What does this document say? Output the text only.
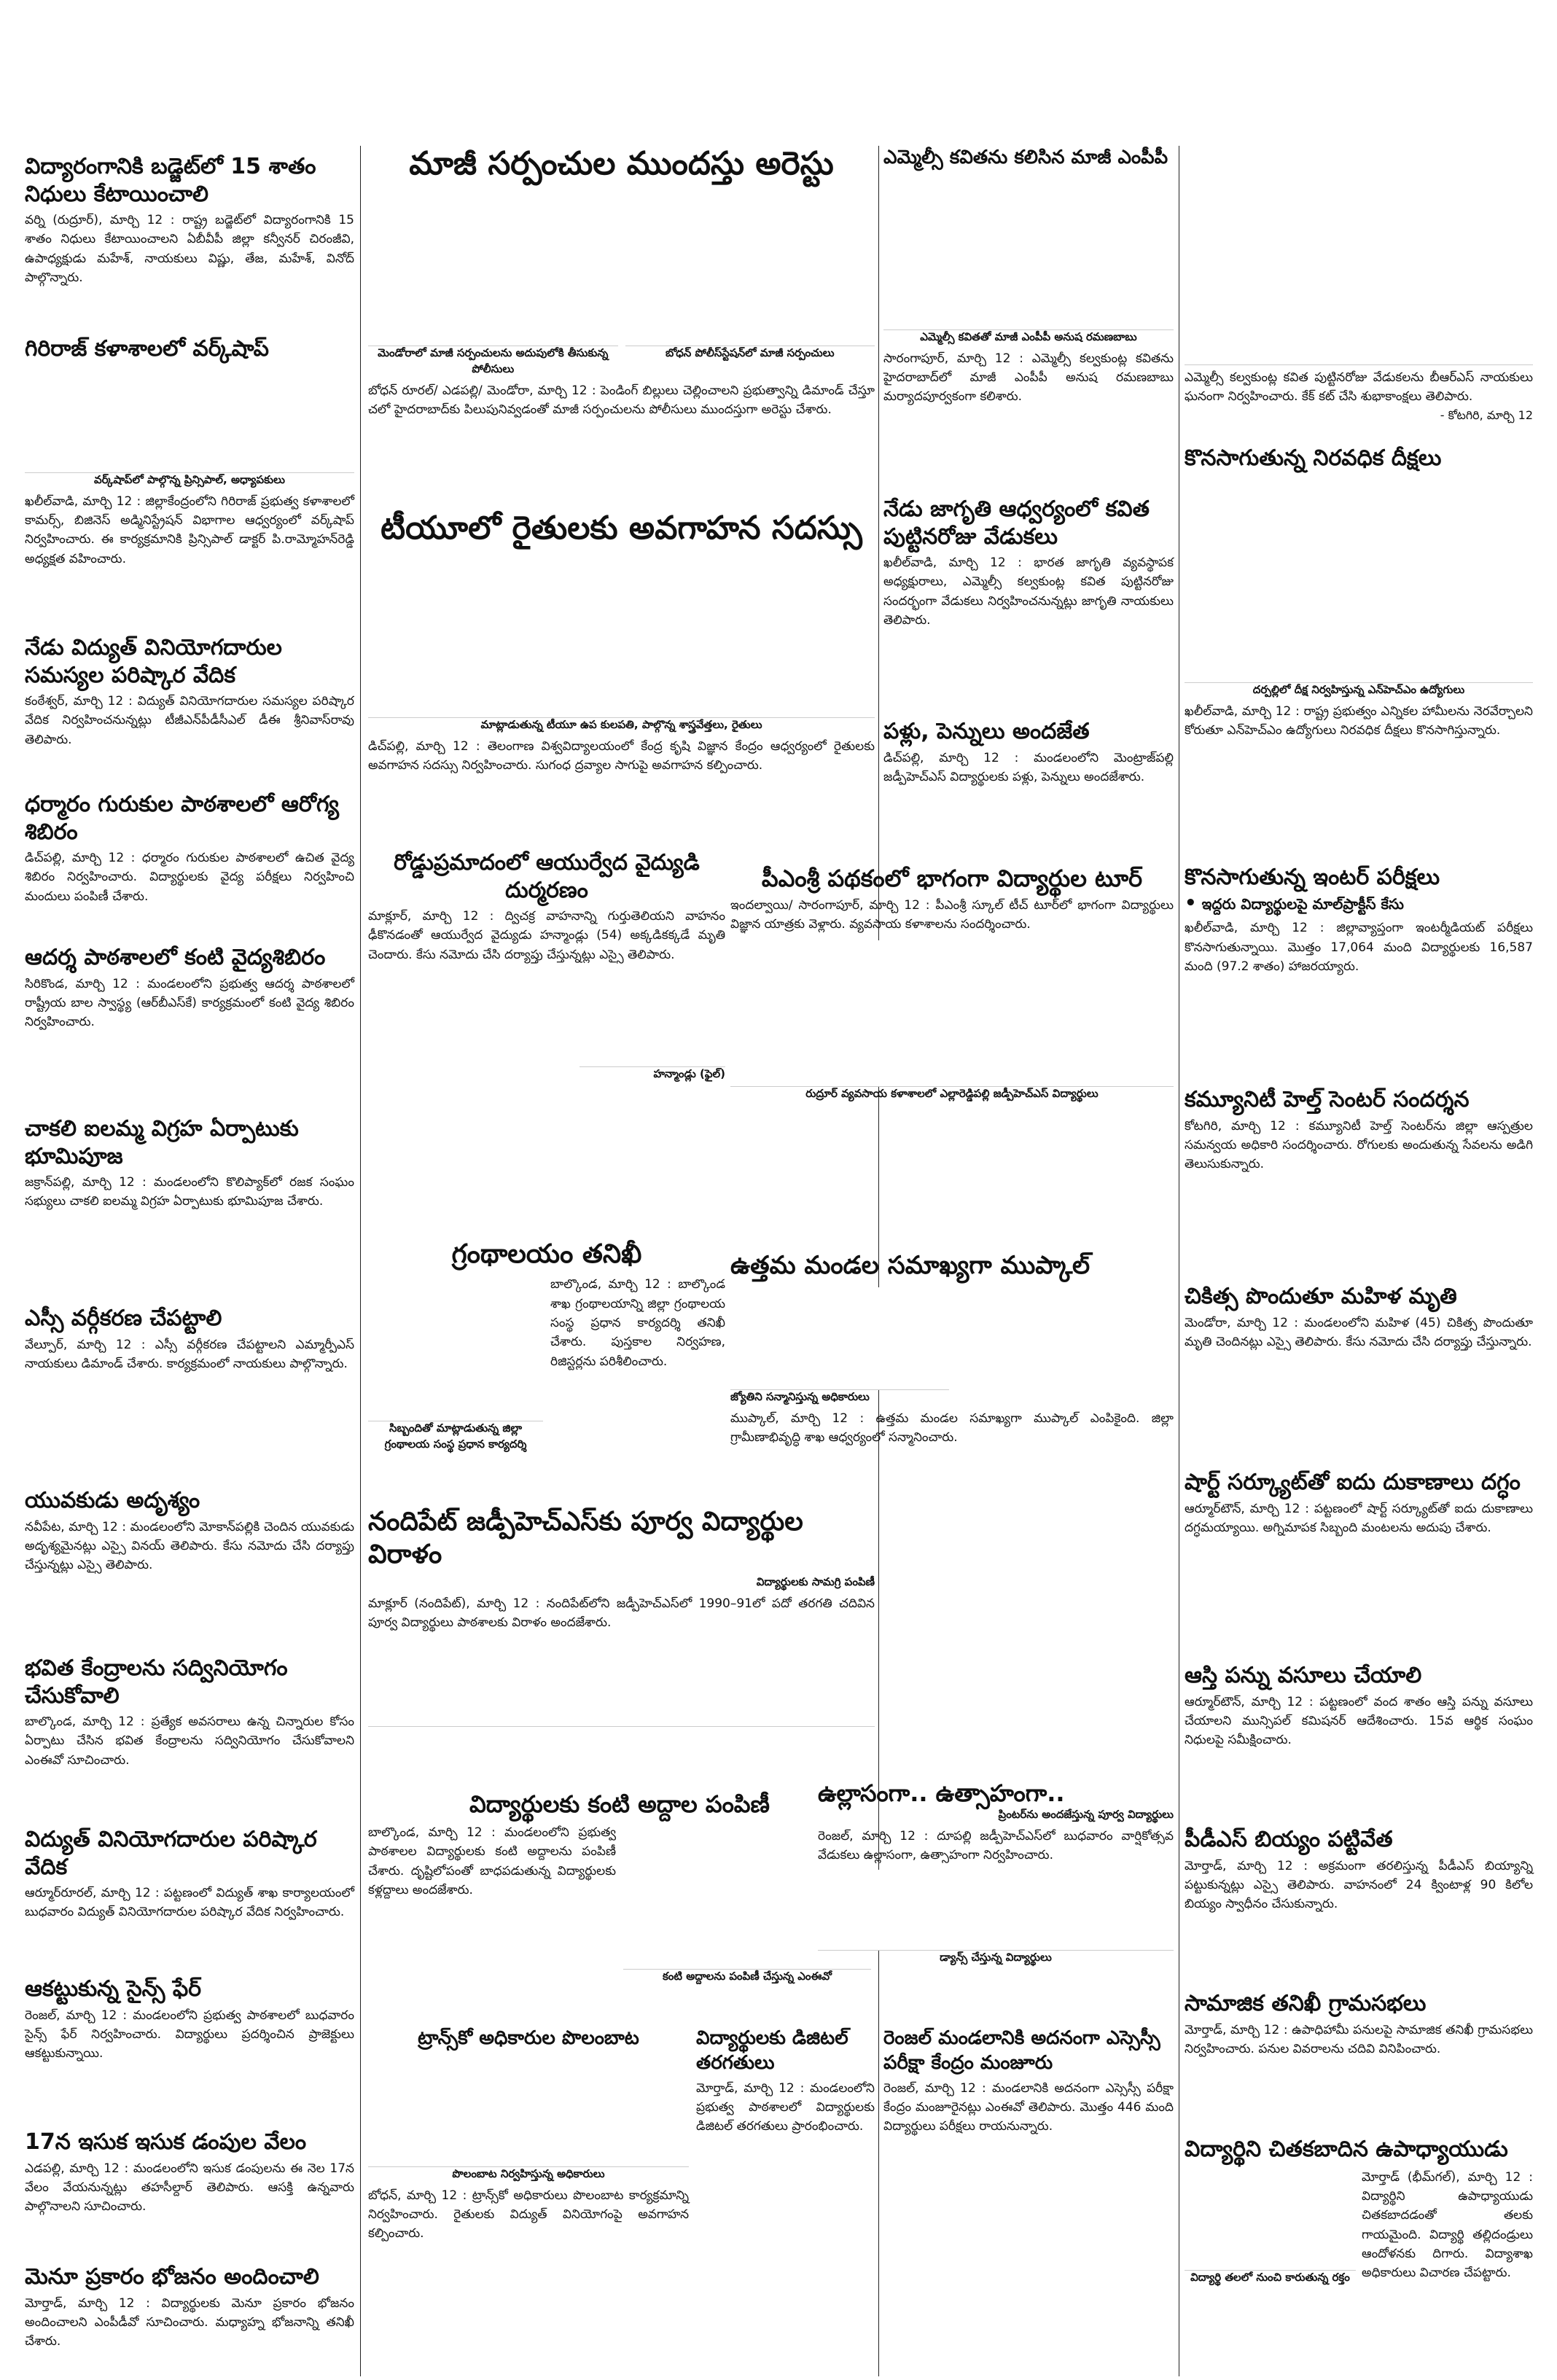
విద్యారంగానికి బడ్జెట్‌లో 15 శాతం నిధులు కేటాయించాలి

వర్ని (రుద్రూర్), మార్చి 12 : రాష్ట్ర బడ్జెట్‌లో విద్యారంగానికి 15 శాతం నిధులు కేటాయించాలని ఏబీవీపీ జిల్లా కన్వీనర్ చిరంజీవి, ఉపాధ్యక్షుడు మహేశ్, నాయకులు విష్ణు, తేజ, మహేశ్, వినోద్ పాల్గొన్నారు.

గిరిరాజ్ కళాశాలలో వర్క్‌షాప్

వర్క్‌షాప్‌లో పాల్గొన్న ప్రిన్సిపాల్, అధ్యాపకులు

ఖలీల్‌వాడి, మార్చి 12 : జిల్లాకేంద్రంలోని గిరిరాజ్ ప్రభుత్వ కళాశాలలో కామర్స్, బిజినెస్ అడ్మినిస్ట్రేషన్ విభాగాల ఆధ్వర్యంలో వర్క్‌షాప్ నిర్వహించారు. ఈ కార్యక్రమానికి ప్రిన్సిపాల్ డాక్టర్ పి.రామ్మోహన్‌రెడ్డి అధ్యక్షత వహించారు.

నేడు విద్యుత్ వినియోగదారుల సమస్యల పరిష్కార వేదిక

కంఠేశ్వర్, మార్చి 12 : విద్యుత్ వినియోగదారుల సమస్యల పరిష్కార వేదిక నిర్వహించనున్నట్లు టీజీఎన్‌పీడీసీఎల్ డీఈ శ్రీనివాస్‌రావు తెలిపారు.

ధర్మారం గురుకుల పాఠశాలలో ఆరోగ్య శిబిరం

డిచ్‌పల్లి, మార్చి 12 : ధర్మారం గురుకుల పాఠశాలలో ఉచిత వైద్య శిబిరం నిర్వహించారు. విద్యార్థులకు వైద్య పరీక్షలు నిర్వహించి మందులు పంపిణీ చేశారు.

ఆదర్శ పాఠశాలలో కంటి వైద్యశిబిరం

సిరికొండ, మార్చి 12 : మండలంలోని ప్రభుత్వ ఆదర్శ పాఠశాలలో రాష్ట్రీయ బాల స్వాస్థ్య (ఆర్‌బీఎస్‌కే) కార్యక్రమంలో కంటి వైద్య శిబిరం నిర్వహించారు.

చాకలి ఐలమ్మ విగ్రహ ఏర్పాటుకు భూమిపూజ

జక్రాన్‌పల్లి, మార్చి 12 : మండలంలోని కొలిప్యాక్‌లో రజక సంఘం సభ్యులు చాకలి ఐలమ్మ విగ్రహ ఏర్పాటుకు భూమిపూజ చేశారు.

ఎస్సీ వర్గీకరణ చేపట్టాలి

వేల్పూర్, మార్చి 12 : ఎస్సీ వర్గీకరణ చేపట్టాలని ఎమ్మార్పీఎస్ నాయకులు డిమాండ్ చేశారు. కార్యక్రమంలో నాయకులు పాల్గొన్నారు.

యువకుడు అదృశ్యం

నవీపేట, మార్చి 12 : మండలంలోని మోకాన్‌పల్లికి చెందిన యువకుడు అదృశ్యమైనట్లు ఎస్సై వినయ్ తెలిపారు. కేసు నమోదు చేసి దర్యాప్తు చేస్తున్నట్లు ఎస్సై తెలిపారు.

భవిత కేంద్రాలను సద్వినియోగం చేసుకోవాలి

బాల్కొండ, మార్చి 12 : ప్రత్యేక అవసరాలు ఉన్న చిన్నారుల కోసం ఏర్పాటు చేసిన భవిత కేంద్రాలను సద్వినియోగం చేసుకోవాలని ఎంఈవో సూచించారు.

విద్యుత్ వినియోగదారుల పరిష్కార వేదిక

ఆర్మూర్‌రూరల్, మార్చి 12 : పట్టణంలో విద్యుత్ శాఖ కార్యాలయంలో బుధవారం విద్యుత్ వినియోగదారుల పరిష్కార వేదిక నిర్వహించారు.

ఆకట్టుకున్న సైన్స్ ఫేర్

రెంజల్, మార్చి 12 : మండలంలోని ప్రభుత్వ పాఠశాలలో బుధవారం సైన్స్ ఫేర్ నిర్వహించారు. విద్యార్థులు ప్రదర్శించిన ప్రాజెక్టులు ఆకట్టుకున్నాయి.

17న ఇసుక ఇసుక డంపుల వేలం

ఎడపల్లి, మార్చి 12 : మండలంలోని ఇసుక డంపులను ఈ నెల 17న వేలం వేయనున్నట్లు తహసీల్దార్ తెలిపారు. ఆసక్తి ఉన్నవారు పాల్గొనాలని సూచించారు.

మెనూ ప్రకారం భోజనం అందించాలి

మోర్తాడ్, మార్చి 12 : విద్యార్థులకు మెనూ ప్రకారం భోజనం అందించాలని ఎంపీడీవో సూచించారు. మధ్యాహ్న భోజనాన్ని తనిఖీ చేశారు.

మాజీ సర్పంచుల ముందస్తు అరెస్టు

మెండోరాలో మాజీ సర్పంచులను అదుపులోకి తీసుకున్న పోలీసులు

బోధన్ పోలీస్‌స్టేషన్‌లో మాజీ సర్పంచులు

బోధన్ రూరల్/ ఎడపల్లి/ మెండోరా, మార్చి 12 : పెండింగ్ బిల్లులు చెల్లించాలని ప్రభుత్వాన్ని డిమాండ్ చేస్తూ చలో హైదరాబాద్‌కు పిలుపునివ్వడంతో మాజీ సర్పంచులను పోలీసులు ముందస్తుగా అరెస్టు చేశారు.

టీయూలో రైతులకు అవగాహన సదస్సు

మాట్లాడుతున్న టీయూ ఉప కులపతి, పాల్గొన్న శాస్త్రవేత్తలు, రైతులు

డిచ్‌పల్లి, మార్చి 12 : తెలంగాణ విశ్వవిద్యాలయంలో కేంద్ర కృషి విజ్ఞాన కేంద్రం ఆధ్వర్యంలో రైతులకు అవగాహన సదస్సు నిర్వహించారు. సుగంధ ద్రవ్యాల సాగుపై అవగాహన కల్పించారు.

రోడ్డుప్రమాదంలో ఆయుర్వేద వైద్యుడి దుర్మరణం

మాక్లూర్, మార్చి 12 : ద్విచక్ర వాహనాన్ని గుర్తుతెలియని వాహనం ఢీకొనడంతో ఆయుర్వేద వైద్యుడు హన్మాండ్లు (54) అక్కడికక్కడే మృతి చెందారు. కేసు నమోదు చేసి దర్యాప్తు చేస్తున్నట్లు ఎస్సై తెలిపారు.

హన్మాండ్లు (ఫైల్)

గ్రంథాలయం తనిఖీ

సిబ్బందితో మాట్లాడుతున్న జిల్లా గ్రంథాలయ సంస్థ ప్రధాన కార్యదర్శి

బాల్కొండ, మార్చి 12 : బాల్కొండ శాఖ గ్రంథాలయాన్ని జిల్లా గ్రంథాలయ సంస్థ ప్రధాన కార్యదర్శి తనిఖీ చేశారు. పుస్తకాల నిర్వహణ, రిజిస్టర్లను పరిశీలించారు.

నందిపేట్ జడ్పీహెచ్‌ఎస్‌కు పూర్వ విద్యార్థుల విరాళం

విద్యార్థులకు సామగ్రి పంపిణీ

మాక్లూర్ (నందిపేట్), మార్చి 12 : నందిపేట్‌లోని జడ్పీహెచ్‌ఎస్‌లో 1990–91లో పదో తరగతి చదివిన పూర్వ విద్యార్థులు పాఠశాలకు విరాళం అందజేశారు.

విద్యార్థులకు కంటి అద్దాల పంపిణీ

బాల్కొండ, మార్చి 12 : మండలంలోని ప్రభుత్వ పాఠశాలల విద్యార్థులకు కంటి అద్దాలను పంపిణీ చేశారు. దృష్టిలోపంతో బాధపడుతున్న విద్యార్థులకు కళ్లద్దాలు అందజేశారు.

కంటి అద్దాలను పంపిణీ చేస్తున్న ఎంఈవో

ట్రాన్స్‌కో అధికారుల పొలంబాట

పొలంబాట నిర్వహిస్తున్న అధికారులు

బోధన్, మార్చి 12 : ట్రాన్స్‌కో అధికారులు పొలంబాట కార్యక్రమాన్ని నిర్వహించారు. రైతులకు విద్యుత్ వినియోగంపై అవగాహన కల్పించారు.

విద్యార్థులకు డిజిటల్ తరగతులు

మోర్తాడ్, మార్చి 12 : మండలంలోని ప్రభుత్వ పాఠశాలలో విద్యార్థులకు డిజిటల్ తరగతులు ప్రారంభించారు.

ఎమ్మెల్సీ కవితను కలిసిన మాజీ ఎంపీపీ

ఎమ్మెల్సీ కవితతో మాజీ ఎంపీపీ అనుష రమణబాబు

సారంగాపూర్, మార్చి 12 : ఎమ్మెల్సీ కల్వకుంట్ల కవితను హైదరాబాద్‌లో మాజీ ఎంపీపీ అనుష రమణబాబు మర్యాదపూర్వకంగా కలిశారు.

నేడు జాగృతి ఆధ్వర్యంలో కవిత పుట్టినరోజు వేడుకలు

ఖలీల్‌వాడి, మార్చి 12 : భారత జాగృతి వ్యవస్థాపక అధ్యక్షురాలు, ఎమ్మెల్సీ కల్వకుంట్ల కవిత పుట్టినరోజు సందర్భంగా వేడుకలు నిర్వహించనున్నట్లు జాగృతి నాయకులు తెలిపారు.

పళ్లు, పెన్నులు అందజేత

డిచ్‌పల్లి, మార్చి 12 : మండలంలోని మెంట్రాజ్‌పల్లి జడ్పీహెచ్‌ఎస్ విద్యార్థులకు పళ్లు, పెన్నులు అందజేశారు.

పీఎంశ్రీ పథకంలో భాగంగా విద్యార్థుల టూర్

ఇందల్వాయి/ సారంగాపూర్, మార్చి 12 : పీఎంశ్రీ స్కూల్ టీచ్ టూర్‌లో భాగంగా విద్యార్థులు విజ్ఞాన యాత్రకు వెళ్లారు. వ్యవసాయ కళాశాలను సందర్శించారు.

రుద్రూర్ వ్యవసాయ కళాశాలలో ఎల్లారెడ్డిపల్లి జడ్పీహెచ్‌ఎస్ విద్యార్థులు

ఉత్తమ మండల సమాఖ్యగా ముప్కాల్

జ్యోతిని సన్మానిస్తున్న అధికారులు

ముప్కాల్, మార్చి 12 : ఉత్తమ మండల సమాఖ్యగా ముప్కాల్ ఎంపికైంది. జిల్లా గ్రామీణాభివృద్ధి శాఖ ఆధ్వర్యంలో సన్మానించారు.

ఉల్లాసంగా.. ఉత్సాహంగా..

ప్రింటర్‌ను అందజేస్తున్న పూర్వ విద్యార్థులు

రెంజల్, మార్చి 12 : దూపల్లి జడ్పీహెచ్‌ఎస్‌లో బుధవారం వార్షికోత్సవ వేడుకలు ఉల్లాసంగా, ఉత్సాహంగా నిర్వహించారు.

డ్యాన్స్ చేస్తున్న విద్యార్థులు

రెంజల్ మండలానికి అదనంగా ఎస్సెస్సీ పరీక్షా కేంద్రం మంజూరు

రెంజల్, మార్చి 12 : మండలానికి అదనంగా ఎస్సెస్సీ పరీక్షా కేంద్రం మంజూరైనట్లు ఎంఈవో తెలిపారు. మొత్తం 446 మంది విద్యార్థులు పరీక్షలు రాయనున్నారు.

ఎమ్మెల్సీ కల్వకుంట్ల కవిత పుట్టినరోజు వేడుకలను బీఆర్‌ఎస్ నాయకులు ఘనంగా నిర్వహించారు. కేక్ కట్ చేసి శుభాకాంక్షలు తెలిపారు.

- కోటగిరి, మార్చి 12

కొనసాగుతున్న నిరవధిక దీక్షలు

దర్పల్లిలో దీక్ష నిర్వహిస్తున్న ఎన్‌హెచ్‌ఎం ఉద్యోగులు

ఖలీల్‌వాడి, మార్చి 12 : రాష్ట్ర ప్రభుత్వం ఎన్నికల హామీలను నెరవేర్చాలని కోరుతూ ఎన్‌హెచ్‌ఎం ఉద్యోగులు నిరవధిక దీక్షలు కొనసాగిస్తున్నారు.

కొనసాగుతున్న ఇంటర్ పరీక్షలు

• ఇద్దరు విద్యార్థులపై మాల్‌ప్రాక్టీస్ కేసు

ఖలీల్‌వాడి, మార్చి 12 : జిల్లావ్యాప్తంగా ఇంటర్మీడియట్ పరీక్షలు కొనసాగుతున్నాయి. మొత్తం 17,064 మంది విద్యార్థులకు 16,587 మంది (97.2 శాతం) హాజరయ్యారు.

కమ్యూనిటీ హెల్త్ సెంటర్ సందర్శన

కోటగిరి, మార్చి 12 : కమ్యూనిటీ హెల్త్ సెంటర్‌ను జిల్లా ఆస్పత్రుల సమన్వయ అధికారి సందర్శించారు. రోగులకు అందుతున్న సేవలను అడిగి తెలుసుకున్నారు.

చికిత్స పొందుతూ మహిళ మృతి

మెండోరా, మార్చి 12 : మండలంలోని మహిళ (45) చికిత్స పొందుతూ మృతి చెందినట్లు ఎస్సై తెలిపారు. కేసు నమోదు చేసి దర్యాప్తు చేస్తున్నారు.

షార్ట్ సర్క్యూట్‌తో ఐదు దుకాణాలు దగ్ధం

ఆర్మూర్‌టౌన్, మార్చి 12 : పట్టణంలో షార్ట్ సర్క్యూట్‌తో ఐదు దుకాణాలు దగ్ధమయ్యాయి. అగ్నిమాపక సిబ్బంది మంటలను అదుపు చేశారు.

ఆస్తి పన్ను వసూలు చేయాలి

ఆర్మూర్‌టౌన్, మార్చి 12 : పట్టణంలో వంద శాతం ఆస్తి పన్ను వసూలు చేయాలని మున్సిపల్ కమిషనర్ ఆదేశించారు. 15వ ఆర్థిక సంఘం నిధులపై సమీక్షించారు.

పీడీఎస్ బియ్యం పట్టివేత

మోర్తాడ్, మార్చి 12 : అక్రమంగా తరలిస్తున్న పీడీఎస్ బియ్యాన్ని పట్టుకున్నట్లు ఎస్సై తెలిపారు. వాహనంలో 24 క్వింటాళ్ల 90 కిలోల బియ్యం స్వాధీనం చేసుకున్నారు.

సామాజిక తనిఖీ గ్రామసభలు

మోర్తాడ్, మార్చి 12 : ఉపాధిహామీ పనులపై సామాజిక తనిఖీ గ్రామసభలు నిర్వహించారు. పనుల వివరాలను చదివి వినిపించారు.

విద్యార్థిని చితకబాదిన ఉపాధ్యాయుడు

విద్యార్థి తలలో నుంచి కారుతున్న రక్తం

మోర్తాడ్ (భీమ్‌గల్), మార్చి 12 : విద్యార్థిని ఉపాధ్యాయుడు చితకబాదడంతో తలకు గాయమైంది. విద్యార్థి తల్లిదండ్రులు ఆందోళనకు దిగారు. విద్యాశాఖ అధికారులు విచారణ చేపట్టారు.
